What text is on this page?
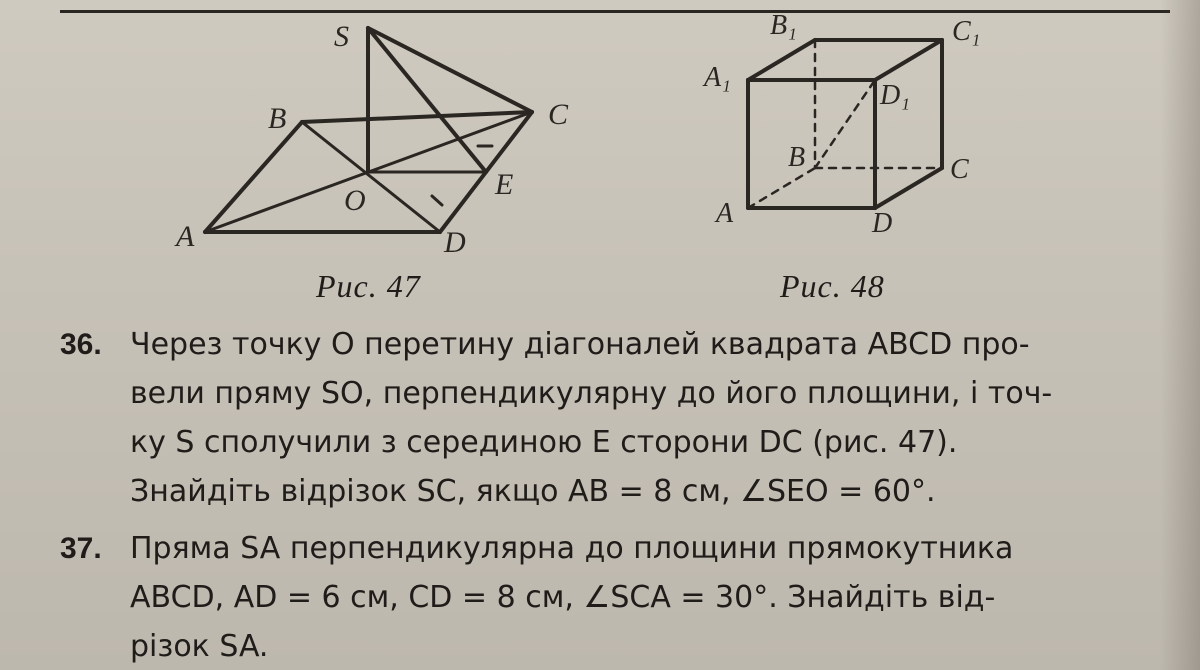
S
B	C
O	E
A	D
B₁	C₁
A₁
D₁
B	C
A	D
Рис. 47	Рис. 48
36. Через точку O перетину діагоналей квадрата ABCD про-
вели пряму SO, перпендикулярну до його площини, і точ-
ку S сполучили з серединою E сторони DC (рис. 47).
Знайдіть відрізок SC, якщо AB = 8 см, ∠SEO = 60°.
37. Пряма SA перпендикулярна до площини прямокутника
ABCD, AD = 6 см, CD = 8 см, ∠SCA = 30°. Знайдіть від-
різок SA.
